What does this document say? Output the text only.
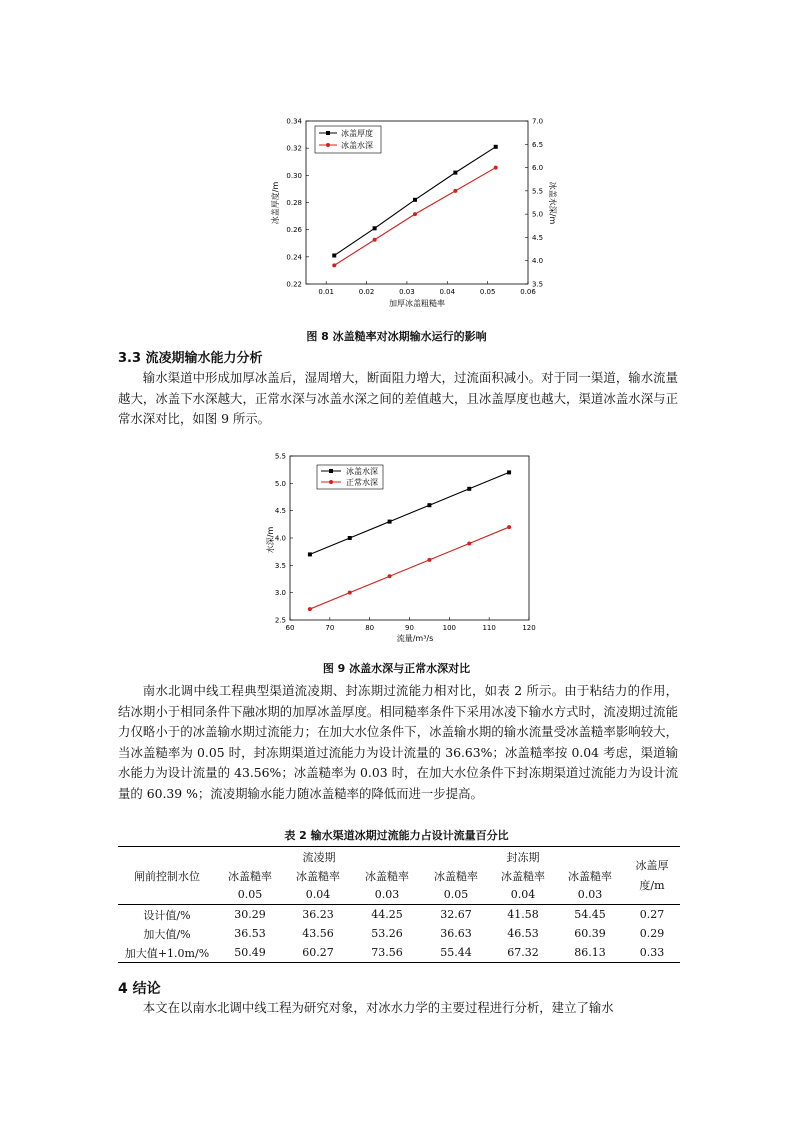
0.01	0.02	0.03	0.04	0.05	0.06
0.22
0.24
0.26
0.28
0.30
0.32
0.34
3.5
4.0
4.5
5.0
5.5
6.0
6.5
7.0
冰盖厚度
冰盖水深
加厚冰盖粗糙率
冰盖厚度/m	冰盖水深/m
图 8 冰盖糙率对冰期输水运行的影响
3.3 流凌期输水能力分析

输水渠道中形成加厚冰盖后，湿周增大，断面阻力增大，过流面积减小。对于同一渠道，输水流量越大，冰盖下水深越大，正常水深与冰盖水深之间的差值越大，且冰盖厚度也越大，渠道冰盖水深与正常水深对比，如图 9 所示。

60	70	80	90	100	110	120
2.5
3.0
3.5
4.0
4.5
5.0
5.5
冰盖水深
正常水深
流量/m³/s
水深/m
图 9 冰盖水深与正常水深对比

南水北调中线工程典型渠道流凌期、封冻期过流能力相对比，如表 2 所示。由于粘结力的作用，结冰期小于相同条件下融冰期的加厚冰盖厚度。相同糙率条件下采用冰凌下输水方式时，流凌期过流能力仅略小于的冰盖输水期过流能力；在加大水位条件下，冰盖输水期的输水流量受冰盖糙率影响较大，当冰盖糙率为 0.05 时，封冻期渠道过流能力为设计流量的 36.63%；冰盖糙率按 0.04 考虑，渠道输水能力为设计流量的 43.56%；冰盖糙率为 0.03 时，在加大水位条件下封冻期渠道过流能力为设计流量的 60.39 %；流凌期输水能力随冰盖糙率的降低而进一步提高。

表 2 输水渠道冰期过流能力占设计流量百分比
闸前控制水位	流凌期			封冻期			冰盖厚
度/m
	冰盖糙率	冰盖糙率	冰盖糙率	冰盖糙率	冰盖糙率	冰盖糙率	
	0.05	0.04	0.03	0.05	0.04	0.03	
设计值/%	30.29	36.23	44.25	32.67	41.58	54.45	0.27
加大值/%	36.53	43.56	53.26	36.63	46.53	60.39	0.29
加大值+1.0m/%	50.49	60.27	73.56	55.44	67.32	86.13	0.33
4 结论

本文在以南水北调中线工程为研究对象，对冰水力学的主要过程进行分析，建立了输水
